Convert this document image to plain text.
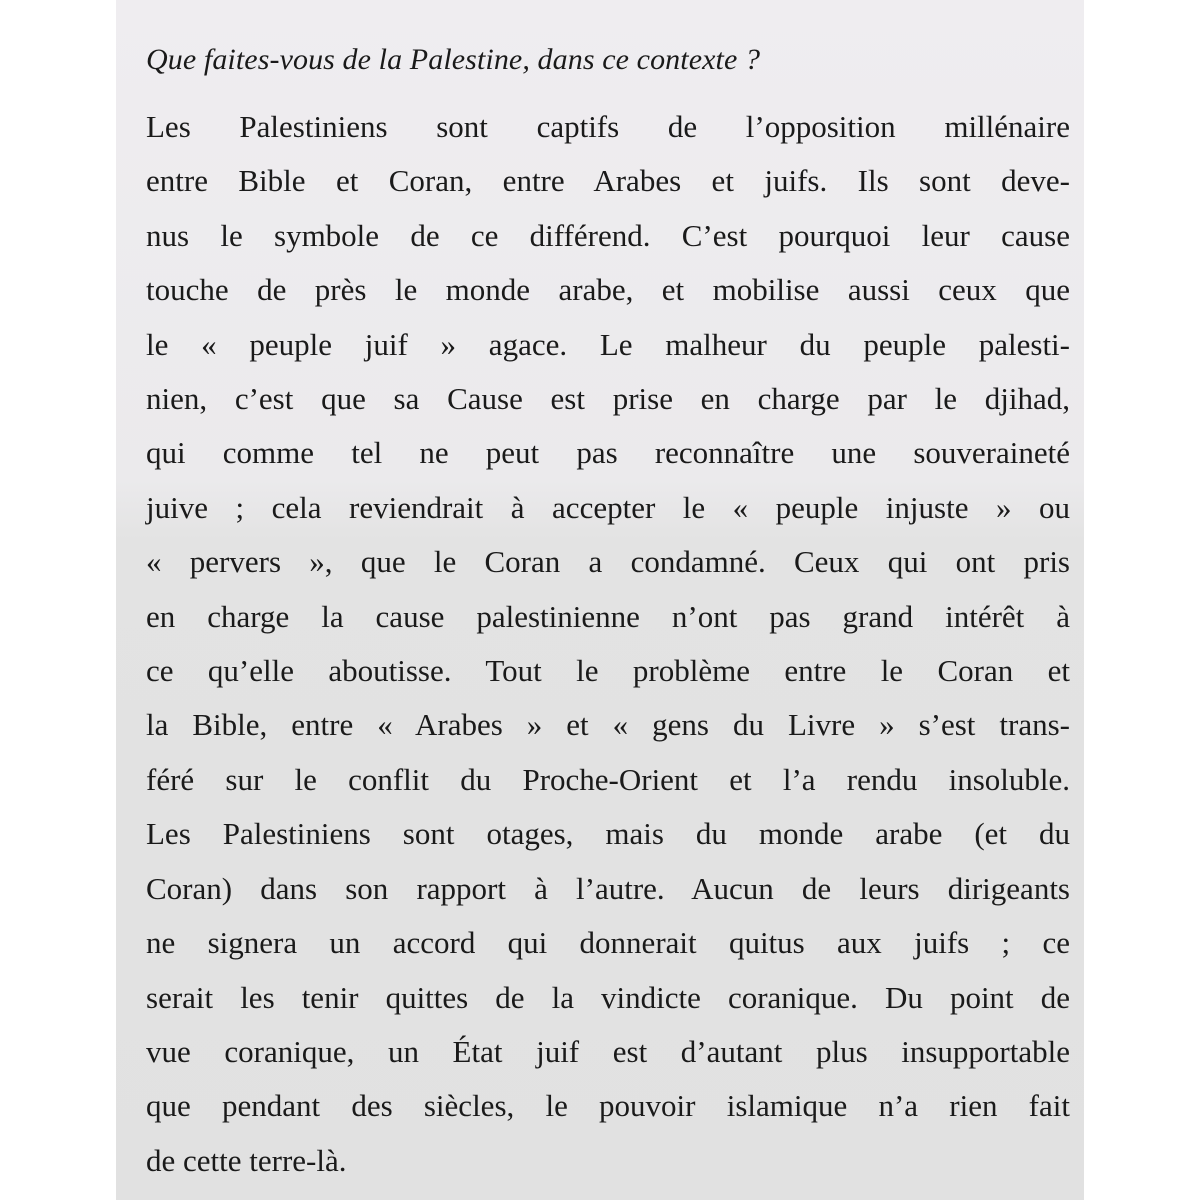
Que faites-vous de la Palestine, dans ce contexte ?

Les Palestiniens sont captifs de l’opposition millénaire
entre Bible et Coran, entre Arabes et juifs. Ils sont deve-
nus le symbole de ce différend. C’est pourquoi leur cause
touche de près le monde arabe, et mobilise aussi ceux que
le « peuple juif » agace. Le malheur du peuple palesti-
nien, c’est que sa Cause est prise en charge par le djihad,
qui comme tel ne peut pas reconnaître une souveraineté
juive ; cela reviendrait à accepter le « peuple injuste » ou
« pervers », que le Coran a condamné. Ceux qui ont pris
en charge la cause palestinienne n’ont pas grand intérêt à
ce qu’elle aboutisse. Tout le problème entre le Coran et
la Bible, entre « Arabes » et « gens du Livre » s’est trans-
féré sur le conflit du Proche-Orient et l’a rendu insoluble.
Les Palestiniens sont otages, mais du monde arabe (et du
Coran) dans son rapport à l’autre. Aucun de leurs dirigeants
ne signera un accord qui donnerait quitus aux juifs ; ce
serait les tenir quittes de la vindicte coranique. Du point de
vue coranique, un État juif est d’autant plus insupportable
que pendant des siècles, le pouvoir islamique n’a rien fait
de cette terre-là.
